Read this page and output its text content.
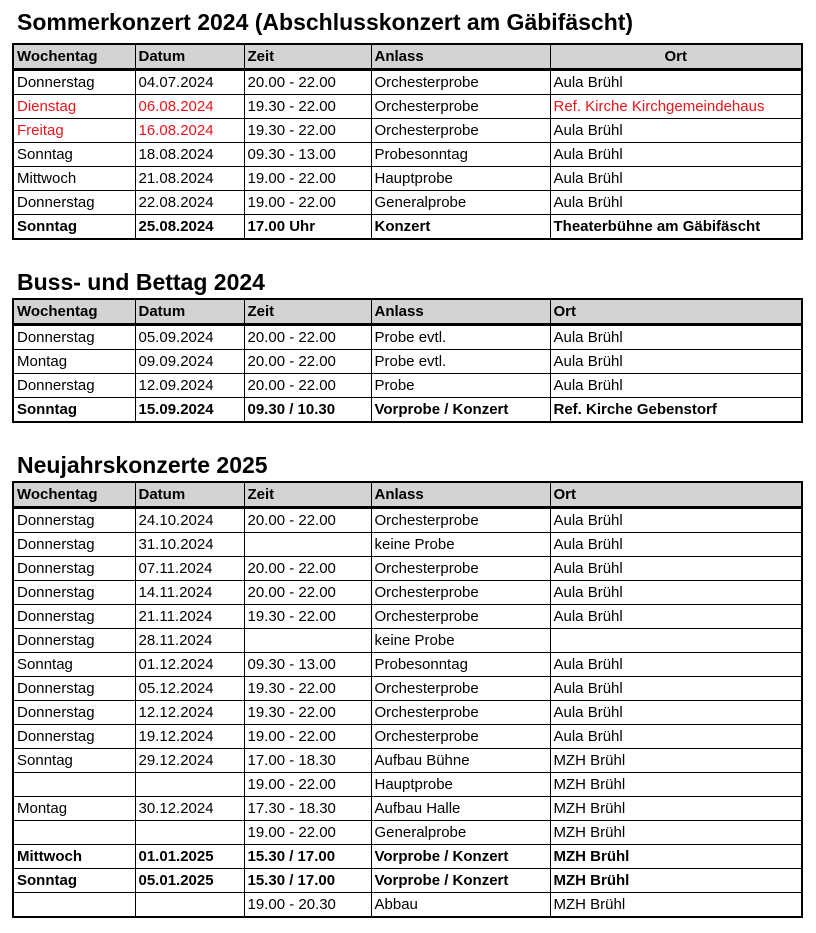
Sommerkonzert 2024 (Abschlusskonzert am Gäbifäscht)
Wochentag	Datum	Zeit	Anlass	Ort
Donnerstag	04.07.2024	20.00 - 22.00	Orchesterprobe	Aula Brühl
Dienstag	06.08.2024	19.30 - 22.00	Orchesterprobe	Ref. Kirche Kirchgemeindehaus
Freitag	16.08.2024	19.30 - 22.00	Orchesterprobe	Aula Brühl
Sonntag	18.08.2024	09.30 - 13.00	Probesonntag	Aula Brühl
Mittwoch	21.08.2024	19.00 - 22.00	Hauptprobe	Aula Brühl
Donnerstag	22.08.2024	19.00 - 22.00	Generalprobe	Aula Brühl
Sonntag	25.08.2024	17.00 Uhr	Konzert	Theaterbühne am Gäbifäscht
Buss- und Bettag 2024
Wochentag	Datum	Zeit	Anlass	Ort
Donnerstag	05.09.2024	20.00 - 22.00	Probe evtl.	Aula Brühl
Montag	09.09.2024	20.00 - 22.00	Probe evtl.	Aula Brühl
Donnerstag	12.09.2024	20.00 - 22.00	Probe	Aula Brühl
Sonntag	15.09.2024	09.30 / 10.30	Vorprobe / Konzert	Ref. Kirche Gebenstorf
Neujahrskonzerte 2025
Wochentag	Datum	Zeit	Anlass	Ort
Donnerstag	24.10.2024	20.00 - 22.00	Orchesterprobe	Aula Brühl
Donnerstag	31.10.2024		keine Probe	Aula Brühl
Donnerstag	07.11.2024	20.00 - 22.00	Orchesterprobe	Aula Brühl
Donnerstag	14.11.2024	20.00 - 22.00	Orchesterprobe	Aula Brühl
Donnerstag	21.11.2024	19.30 - 22.00	Orchesterprobe	Aula Brühl
Donnerstag	28.11.2024		keine Probe	
Sonntag	01.12.2024	09.30 - 13.00	Probesonntag	Aula Brühl
Donnerstag	05.12.2024	19.30 - 22.00	Orchesterprobe	Aula Brühl
Donnerstag	12.12.2024	19.30 - 22.00	Orchesterprobe	Aula Brühl
Donnerstag	19.12.2024	19.00 - 22.00	Orchesterprobe	Aula Brühl
Sonntag	29.12.2024	17.00 - 18.30	Aufbau Bühne	MZH Brühl
		19.00 - 22.00	Hauptprobe	MZH Brühl
Montag	30.12.2024	17.30 - 18.30	Aufbau Halle	MZH Brühl
		19.00 - 22.00	Generalprobe	MZH Brühl
Mittwoch	01.01.2025	15.30 / 17.00	Vorprobe / Konzert	MZH Brühl
Sonntag	05.01.2025	15.30 / 17.00	Vorprobe / Konzert	MZH Brühl
		19.00 - 20.30	Abbau	MZH Brühl
